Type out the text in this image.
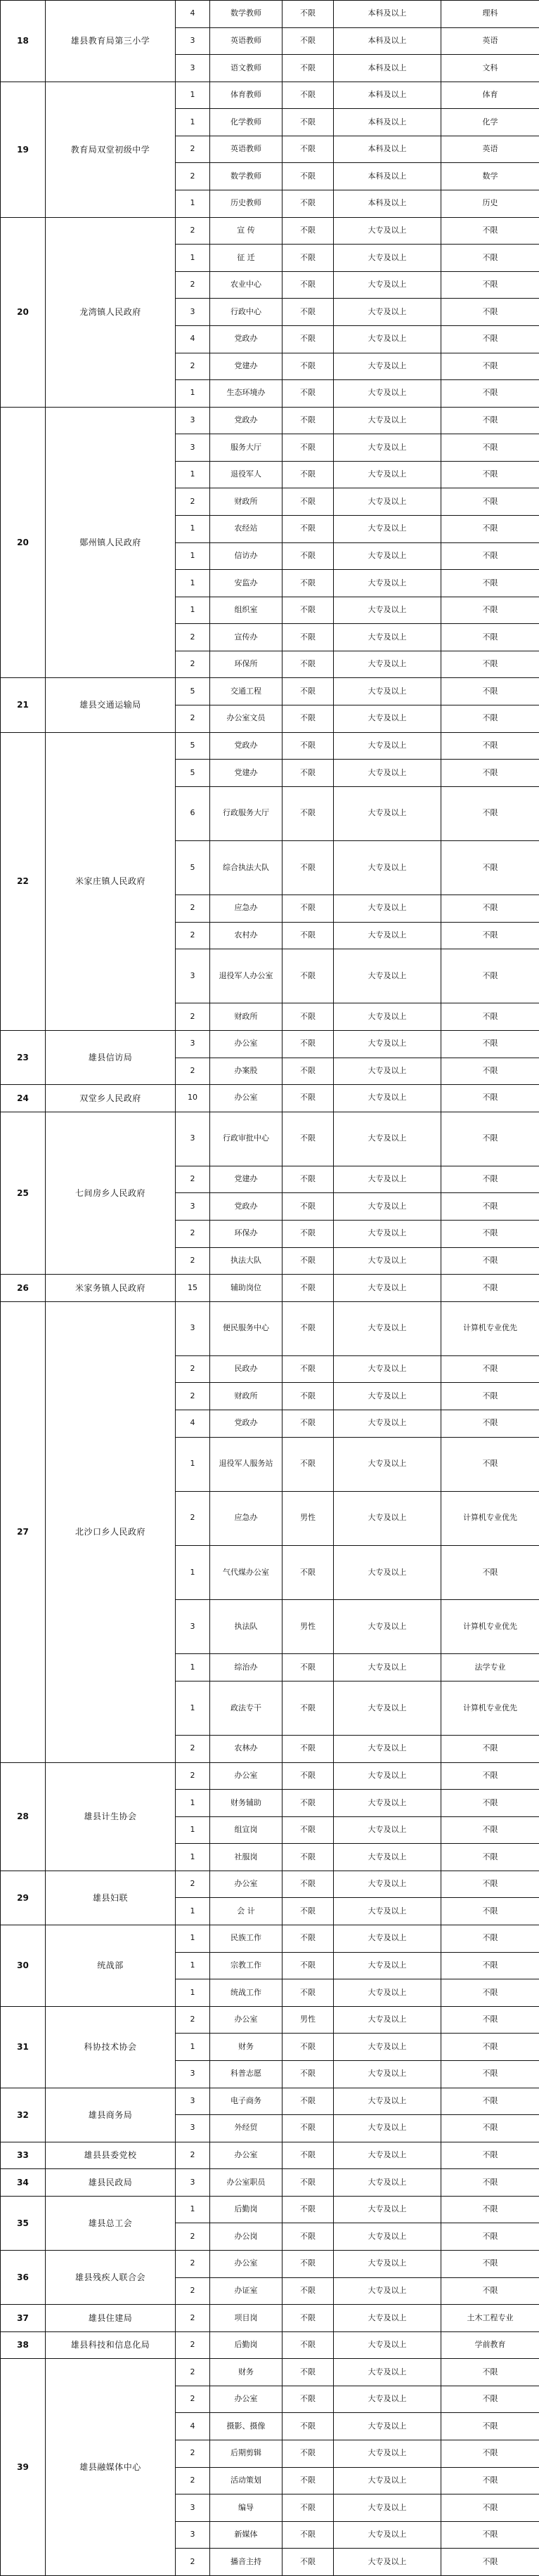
18	雄县教育局第三小学	4	数学教师	不限	本科及以上	理科
		3	英语教师	不限	本科及以上	英语
		3	语文教师	不限	本科及以上	文科
19	教育局双堂初级中学	1	体育教师	不限	本科及以上	体育
		1	化学教师	不限	本科及以上	化学
		2	英语教师	不限	本科及以上	英语
		2	数学教师	不限	本科及以上	数学
		1	历史教师	不限	本科及以上	历史
20	龙湾镇人民政府	2	宣 传	不限	大专及以上	不限
		1	征 迁	不限	大专及以上	不限
		2	农业中心	不限	大专及以上	不限
		3	行政中心	不限	大专及以上	不限
		4	党政办	不限	大专及以上	不限
		2	党建办	不限	大专及以上	不限
		1	生态环境办	不限	大专及以上	不限
20	鄚州镇人民政府	3	党政办	不限	大专及以上	不限
		3	服务大厅	不限	大专及以上	不限
		1	退役军人	不限	大专及以上	不限
		2	财政所	不限	大专及以上	不限
		1	农经站	不限	大专及以上	不限
		1	信访办	不限	大专及以上	不限
		1	安监办	不限	大专及以上	不限
		1	组织室	不限	大专及以上	不限
		2	宣传办	不限	大专及以上	不限
		2	环保所	不限	大专及以上	不限
21	雄县交通运输局	5	交通工程	不限	大专及以上	不限
		2	办公室文员	不限	大专及以上	不限
22	米家庄镇人民政府	5	党政办	不限	大专及以上	不限
		5	党建办	不限	大专及以上	不限
		6	行政服务大厅	不限	大专及以上	不限
		5	综合执法大队	不限	大专及以上	不限
		2	应急办	不限	大专及以上	不限
		2	农村办	不限	大专及以上	不限
		3	退役军人办公室	不限	大专及以上	不限
		2	财政所	不限	大专及以上	不限
23	雄县信访局	3	办公室	不限	大专及以上	不限
		2	办案股	不限	大专及以上	不限
24	双堂乡人民政府	10	办公室	不限	大专及以上	不限
25	七间房乡人民政府	3	行政审批中心	不限	大专及以上	不限
		2	党建办	不限	大专及以上	不限
		3	党政办	不限	大专及以上	不限
		2	环保办	不限	大专及以上	不限
		2	执法大队	不限	大专及以上	不限
26	米家务镇人民政府	15	辅助岗位	不限	大专及以上	不限
27	北沙口乡人民政府	3	便民服务中心	不限	大专及以上	计算机专业优先
		2	民政办	不限	大专及以上	不限
		2	财政所	不限	大专及以上	不限
		4	党政办	不限	大专及以上	不限
		1	退役军人服务站	不限	大专及以上	不限
		2	应急办	男性	大专及以上	计算机专业优先
		1	气代煤办公室	不限	大专及以上	不限
		3	执法队	男性	大专及以上	计算机专业优先
		1	综治办	不限	大专及以上	法学专业
		1	政法专干	不限	大专及以上	计算机专业优先
		2	农林办	不限	大专及以上	不限
28	雄县计生协会	2	办公室	不限	大专及以上	不限
		1	财务辅助	不限	大专及以上	不限
		1	组宣岗	不限	大专及以上	不限
		1	社服岗	不限	大专及以上	不限
29	雄县妇联	2	办公室	不限	大专及以上	不限
		1	会 计	不限	大专及以上	不限
30	统战部	1	民族工作	不限	大专及以上	不限
		1	宗教工作	不限	大专及以上	不限
		1	统战工作	不限	大专及以上	不限
31	科协技术协会	2	办公室	男性	大专及以上	不限
		1	财务	不限	大专及以上	不限
		3	科普志愿	不限	大专及以上	不限
32	雄县商务局	3	电子商务	不限	大专及以上	不限
		3	外经贸	不限	大专及以上	不限
33	雄县县委党校	2	办公室	不限	大专及以上	不限
34	雄县民政局	3	办公室职员	不限	大专及以上	不限
35	雄县总工会	1	后勤岗	不限	大专及以上	不限
		2	办公岗	不限	大专及以上	不限
36	雄县残疾人联合会	2	办公室	不限	大专及以上	不限
		2	办证室	不限	大专及以上	不限
37	雄县住建局	2	项目岗	不限	大专及以上	土木工程专业
38	雄县科技和信息化局	2	后勤岗	不限	大专及以上	学前教育
39	雄县融媒体中心	2	财务	不限	大专及以上	不限
		2	办公室	不限	大专及以上	不限
		4	摄影、摄像	不限	大专及以上	不限
		2	后期剪辑	不限	大专及以上	不限
		2	活动策划	不限	大专及以上	不限
		3	编导	不限	大专及以上	不限
		3	新媒体	不限	大专及以上	不限
		2	播音主持	不限	大专及以上	不限
